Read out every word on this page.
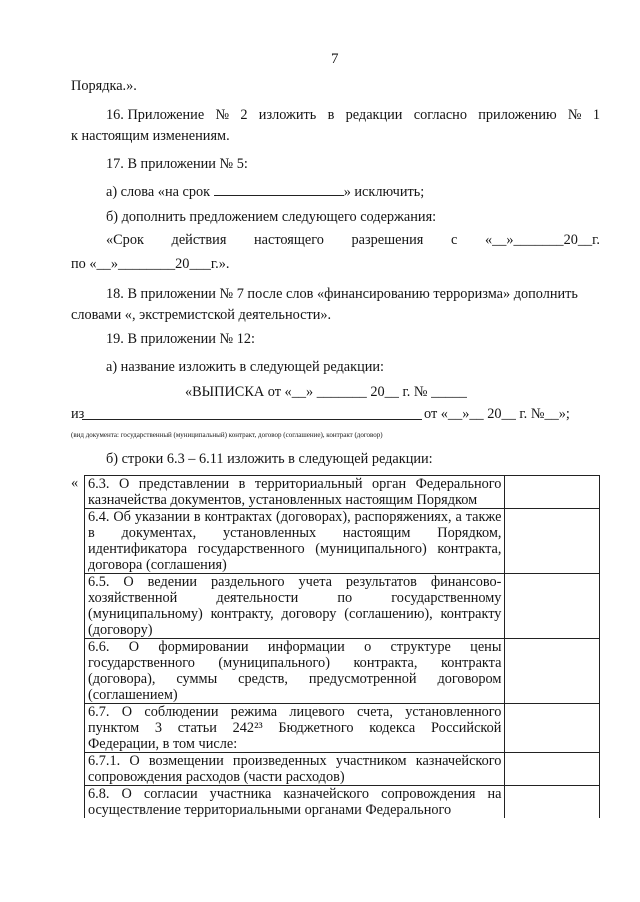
7
Порядка.».
16. Приложение № 2 изложить в редакции согласно приложению № 1
к настоящим изменениям.
17. В приложении № 5:
а) слова «на срок	» исключить;
б) дополнить предложением следующего содержания:
«Срок действия настоящего разрешения с «__»_______20__г.
по «__»________20___г.».
18. В приложении № 7 после слов «финансированию терроризма» дополнить
словами «, экстремистской деятельности».
19. В приложении № 12:
а) название изложить в следующей редакции:
«ВЫПИСКА от «__» _______ 20__ г. № _____
из	от «__»__ 20__ г. №__»;
(вид документа: государственный (муниципальный) контракт, договор (соглашение), контракт (договор)
б) строки 6.3 – 6.11 изложить в следующей редакции:
« 6.3. О представлении в территориальный орган Федерального казначейства документов, установленных настоящим Порядком	
6.4. Об указании в контрактах (договорах), распоряжениях, а также в документах, установленных настоящим Порядком, идентификатора государственного (муниципального) контракта, договора (соглашения)	
6.5. О ведении раздельного учета результатов финансово-хозяйственной деятельности по государственному (муниципальному) контракту, договору (соглашению), контракту (договору)	
6.6. О формировании информации о структуре цены государственного (муниципального) контракта, контракта (договора), суммы средств, предусмотренной договором (соглашением)	
6.7. О соблюдении режима лицевого счета, установленного пунктом 3 статьи 242²³ Бюджетного кодекса Российской Федерации, в том числе:	
6.7.1. О возмещении произведенных участником казначейского сопровождения расходов (части расходов)	
6.8. О согласии участника казначейского сопровождения на осуществление территориальными органами Федерального	
